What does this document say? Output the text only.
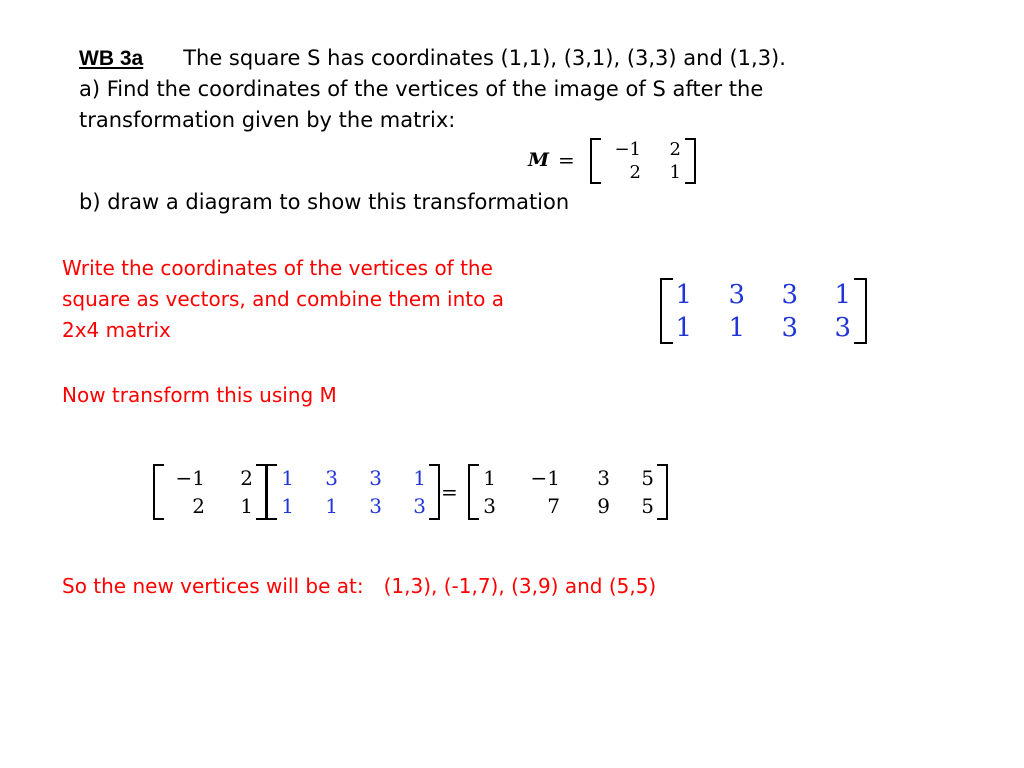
WB 3a The square S has coordinates (1,1), (3,1), (3,3) and (1,3).
a) Find the coordinates of the vertices of the image of S after the
transformation given by the matrix:
M = −1 2
2 1
b) draw a diagram to show this transformation
Write the coordinates of the vertices of the
square as vectors, and combine them into a
2x4 matrix
1 3 3 1
1 1 3 3
Now transform this using M
−1 2
2 1
1 3 3 1
1 1 3 3
=
1 −1 3 5
3	7 9 5
So the new vertices will be at: (1,3), (-1,7), (3,9) and (5,5)
